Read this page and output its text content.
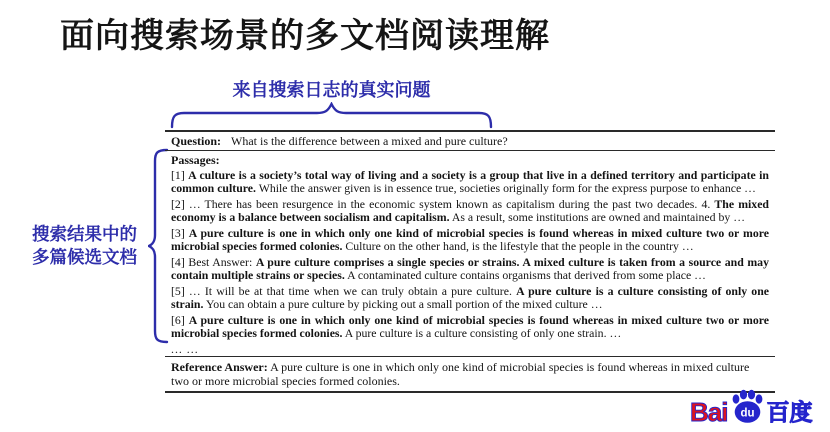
面向搜索场景的多文档阅读理解
来自搜索日志的真实问题
搜索结果中的
多篇候选文档
Question: What is the difference between a mixed and pure culture?
Passages:

[1] A culture is a society’s total way of living and a society is a group that live in a defined territory and participate in common culture. While the answer given is in essence true, societies originally form for the express purpose to enhance …

[2] … There has been resurgence in the economic system known as capitalism during the past two decades. 4. The mixed economy is a balance between socialism and capitalism. As a result, some institutions are owned and maintained by …

[3] A pure culture is one in which only one kind of microbial species is found whereas in mixed culture two or more microbial species formed colonies. Culture on the other hand, is the lifestyle that the people in the country …

[4] Best Answer: A pure culture comprises a single species or strains. A mixed culture is taken from a source and may contain multiple strains or species. A contaminated culture contains organisms that derived from some place …

[5] … It will be at that time when we can truly obtain a pure culture. A pure culture is a culture consisting of only one strain. You can obtain a pure culture by picking out a small portion of the mixed culture …

[6] A pure culture is one in which only one kind of microbial species is found whereas in mixed culture two or more microbial species formed colonies. A pure culture is a culture consisting of only one strain. …

... ...
Reference Answer: A pure culture is one in which only one kind of microbial species is found whereas in mixed culture two or more microbial species formed colonies.
Bai du 百度
